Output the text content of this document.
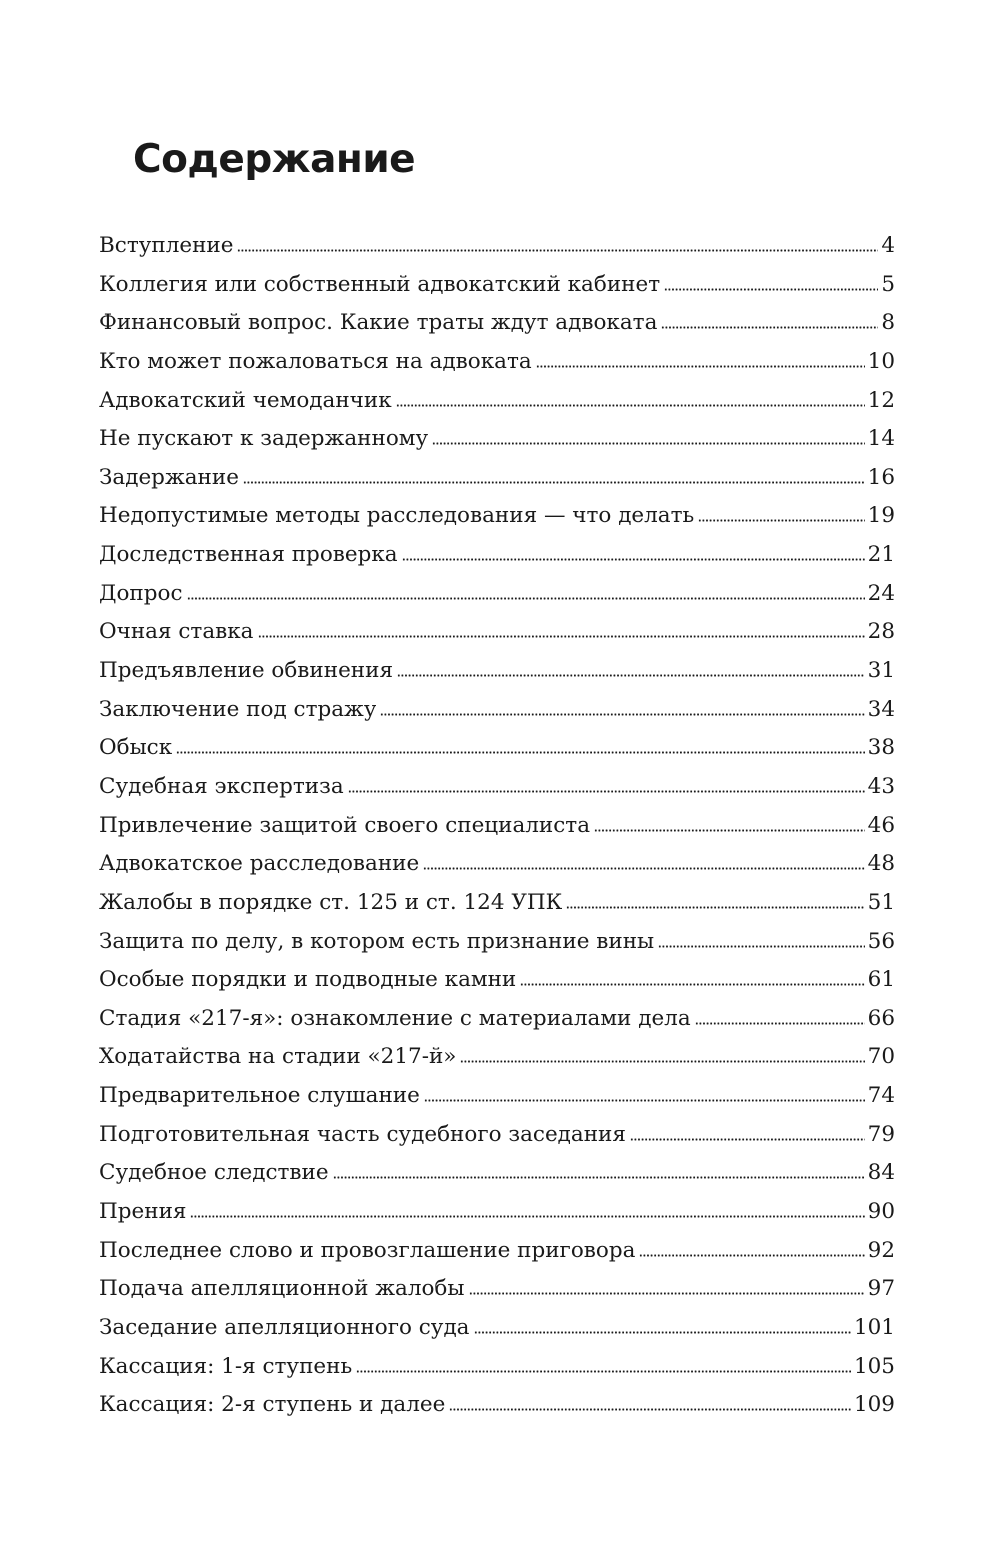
Содержание
Вступление	4
Коллегия или собственный адвокатский кабинет	5
Финансовый вопрос. Какие траты ждут адвоката	8
Кто может пожаловаться на адвоката	10
Адвокатский чемоданчик	12
Не пускают к задержанному	14
Задержание	16
Недопустимые методы расследования — что делать	19
Доследственная проверка	21
Допрос	24
Очная ставка	28
Предъявление обвинения	31
Заключение под стражу	34
Обыск	38
Судебная экспертиза	43
Привлечение защитой своего специалиста	46
Адвокатское расследование	48
Жалобы в порядке ст. 125 и ст. 124 УПК	51
Защита по делу, в котором есть признание вины	56
Особые порядки и подводные камни	61
Стадия «217-я»: ознакомление с материалами дела	66
Ходатайства на стадии «217-й»	70
Предварительное слушание	74
Подготовительная часть судебного заседания	79
Судебное следствие	84
Прения	90
Последнее слово и провозглашение приговора	92
Подача апелляционной жалобы	97
Заседание апелляционного суда	101
Кассация: 1-я ступень	105
Кассация: 2-я ступень и далее	109
